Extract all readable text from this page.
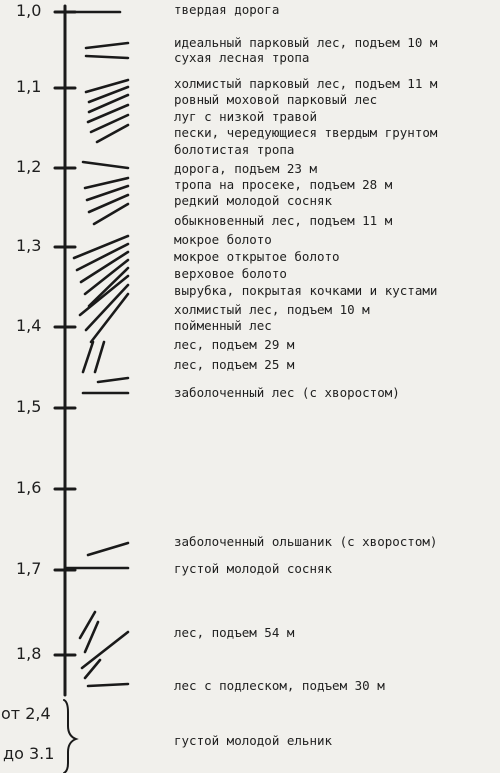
1,0
1,1
1,2
1,3
1,4
1,5
1,6
1,7
1,8
твердая дорога
идеальный парковый лес, подъем 10 м
сухая лесная тропа
холмистый парковый лес, подъем 11 м
ровный моховой парковый лес
луг с низкой травой
пески, чередующиеся твердым грунтом
болотистая тропа
дорога, подъем 23 м
тропа на просеке, подъем 28 м
редкий молодой сосняк
обыкновенный лес, подъем 11 м
мокрое болото
мокрое открытое болото
верховое болото
вырубка, покрытая кочками и кустами
холмистый лес, подъем 10 м
пойменный лес
лес, подъем 29 м
лес, подъем 25 м
заболоченный лес (с хворостом)
заболоченный ольшаник (с хворостом)
густой молодой сосняк
лес, подъем 54 м
лес с подлеском, подъем 30 м
густой молодой ельник
от 2,4
до 3.1
